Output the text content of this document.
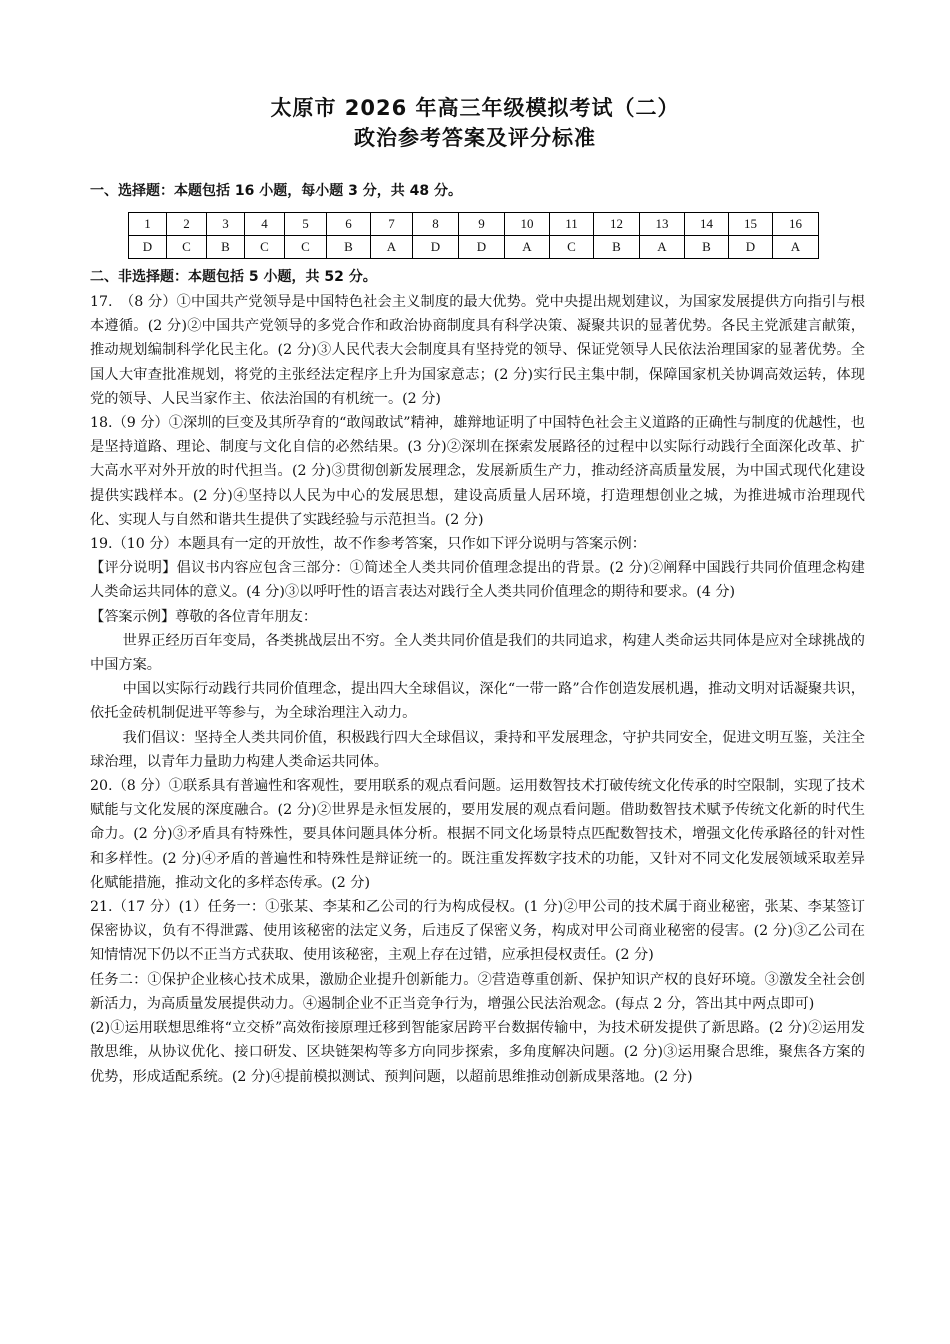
太原市 2026 年高三年级模拟考试（二）
政治参考答案及评分标准
一、选择题：本题包括 16 小题，每小题 3 分，共 48 分。
1	2	3	4	5	6	7	8	9	10	11	12	13	14	15	16
D	C	B	C	C	B	A	D	D	A	C	B	A	B	D	A
二、非选择题：本题包括 5 小题，共 52 分。

17.　（8 分）①中国共产党领导是中国特色社会主义制度的最大优势。党中央提出规划建议，为国家发展提供方向指引与根本遵循。(2 分)②中国共产党领导的多党合作和政治协商制度具有科学决策、凝聚共识的显著优势。各民主党派建言献策，推动规划编制科学化民主化。(2 分)③人民代表大会制度具有坚持党的领导、保证党领导人民依法治理国家的显著优势。全国人大审查批准规划，将党的主张经法定程序上升为国家意志；(2 分)实行民主集中制，保障国家机关协调高效运转，体现党的领导、人民当家作主、依法治国的有机统一。(2 分)

18.（9 分）①深圳的巨变及其所孕育的“敢闯敢试”精神，雄辩地证明了中国特色社会主义道路的正确性与制度的优越性，也是坚持道路、理论、制度与文化自信的必然结果。(3 分)②深圳在探索发展路径的过程中以实际行动践行全面深化改革、扩大高水平对外开放的时代担当。(2 分)③贯彻创新发展理念，发展新质生产力，推动经济高质量发展，为中国式现代化建设提供实践样本。(2 分)④坚持以人民为中心的发展思想，建设高质量人居环境，打造理想创业之城，为推进城市治理现代化、实现人与自然和谐共生提供了实践经验与示范担当。(2 分)

19.（10 分）本题具有一定的开放性，故不作参考答案，只作如下评分说明与答案示例：

【评分说明】倡议书内容应包含三部分：①简述全人类共同价值理念提出的背景。(2 分)②阐释中国践行共同价值理念构建人类命运共同体的意义。(4 分)③以呼吁性的语言表达对践行全人类共同价值理念的期待和要求。(4 分)

【答案示例】尊敬的各位青年朋友：

世界正经历百年变局，各类挑战层出不穷。全人类共同价值是我们的共同追求，构建人类命运共同体是应对全球挑战的中国方案。

中国以实际行动践行共同价值理念，提出四大全球倡议，深化“一带一路”合作创造发展机遇，推动文明对话凝聚共识，依托金砖机制促进平等参与，为全球治理注入动力。

我们倡议：坚持全人类共同价值，积极践行四大全球倡议，秉持和平发展理念，守护共同安全，促进文明互鉴，关注全球治理，以青年力量助力构建人类命运共同体。

20.（8 分）①联系具有普遍性和客观性，要用联系的观点看问题。运用数智技术打破传统文化传承的时空限制，实现了技术赋能与文化发展的深度融合。(2 分)②世界是永恒发展的，要用发展的观点看问题。借助数智技术赋予传统文化新的时代生命力。(2 分)③矛盾具有特殊性，要具体问题具体分析。根据不同文化场景特点匹配数智技术，增强文化传承路径的针对性和多样性。(2 分)④矛盾的普遍性和特殊性是辩证统一的。既注重发挥数字技术的功能，又针对不同文化发展领域采取差异化赋能措施，推动文化的多样态传承。(2 分)

21.（17 分）(1）任务一：①张某、李某和乙公司的行为构成侵权。(1 分)②甲公司的技术属于商业秘密，张某、李某签订保密协议，负有不得泄露、使用该秘密的法定义务，后违反了保密义务，构成对甲公司商业秘密的侵害。(2 分)③乙公司在知情情况下仍以不正当方式获取、使用该秘密，主观上存在过错，应承担侵权责任。(2 分)

任务二：①保护企业核心技术成果，激励企业提升创新能力。②营造尊重创新、保护知识产权的良好环境。③激发全社会创新活力，为高质量发展提供动力。④遏制企业不正当竞争行为，增强公民法治观念。(每点 2 分，答出其中两点即可)

(2)①运用联想思维将“立交桥”高效衔接原理迁移到智能家居跨平台数据传输中，为技术研发提供了新思路。(2 分)②运用发散思维，从协议优化、接口研发、区块链架构等多方向同步探索，多角度解决问题。(2 分)③运用聚合思维，聚焦各方案的优势，形成适配系统。(2 分)④提前模拟测试、预判问题，以超前思维推动创新成果落地。(2 分)
